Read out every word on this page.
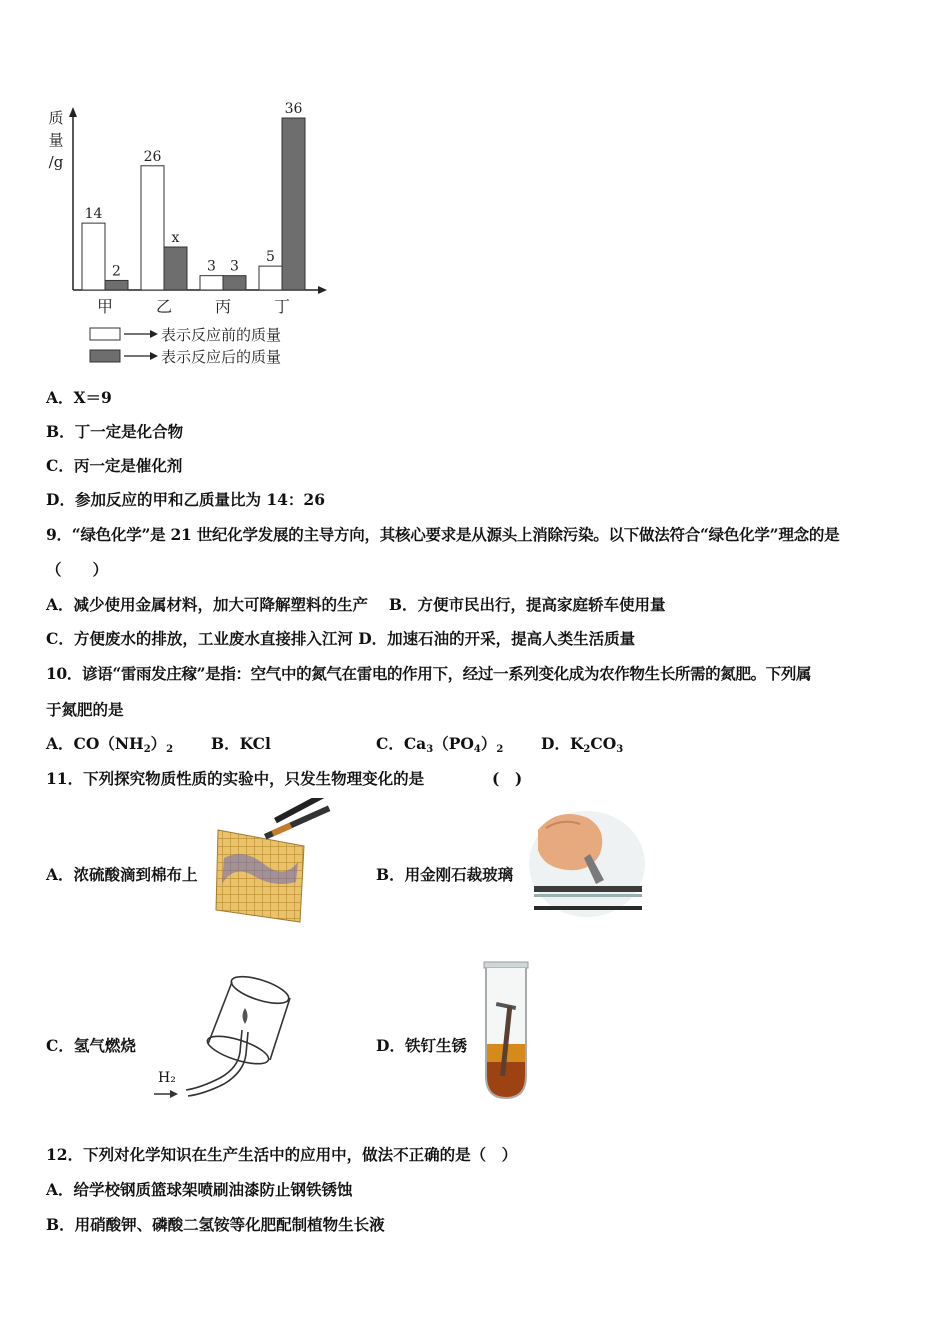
质
量
/g
14
2
甲
26
x
乙
3 3
丙
5
36
丁
表示反应前的质量
表示反应后的质量
A．X＝9
B．丁一定是化合物
C．丙一定是催化剂
D．参加反应的甲和乙质量比为 14：26
9．“绿色化学”是 21 世纪化学发展的主导方向，其核心要求是从源头上消除污染。以下做法符合“绿色化学”理念的是
（　　）
A．减少使用金属材料，加大可降解塑料的生产　 B．方便市民出行，提高家庭轿车使用量
C．方便废水的排放，工业废水直接排入江河 D．加速石油的开采，提高人类生活质量
10．谚语“雷雨发庄稼”是指：空气中的氮气在雷电的作用下，经过一系列变化成为农作物生长所需的氮肥。下列属
于氮肥的是
A．$CO(NH_2)_2$ B．KCl	C．$Ca_3(PO_4)_2$ D．$K_2CO_3$
11．下列探究物质性质的实验中，只发生物理变化的是	(　)
A．浓硫酸滴到棉布上	B．用金刚石裁玻璃
C．氢气燃烧
H₂
D．铁钉生锈
12．下列对化学知识在生产生活中的应用中，做法不正确的是（　）
A．给学校钢质篮球架喷刷油漆防止钢铁锈蚀
B．用硝酸钾、磷酸二氢铵等化肥配制植物生长液
